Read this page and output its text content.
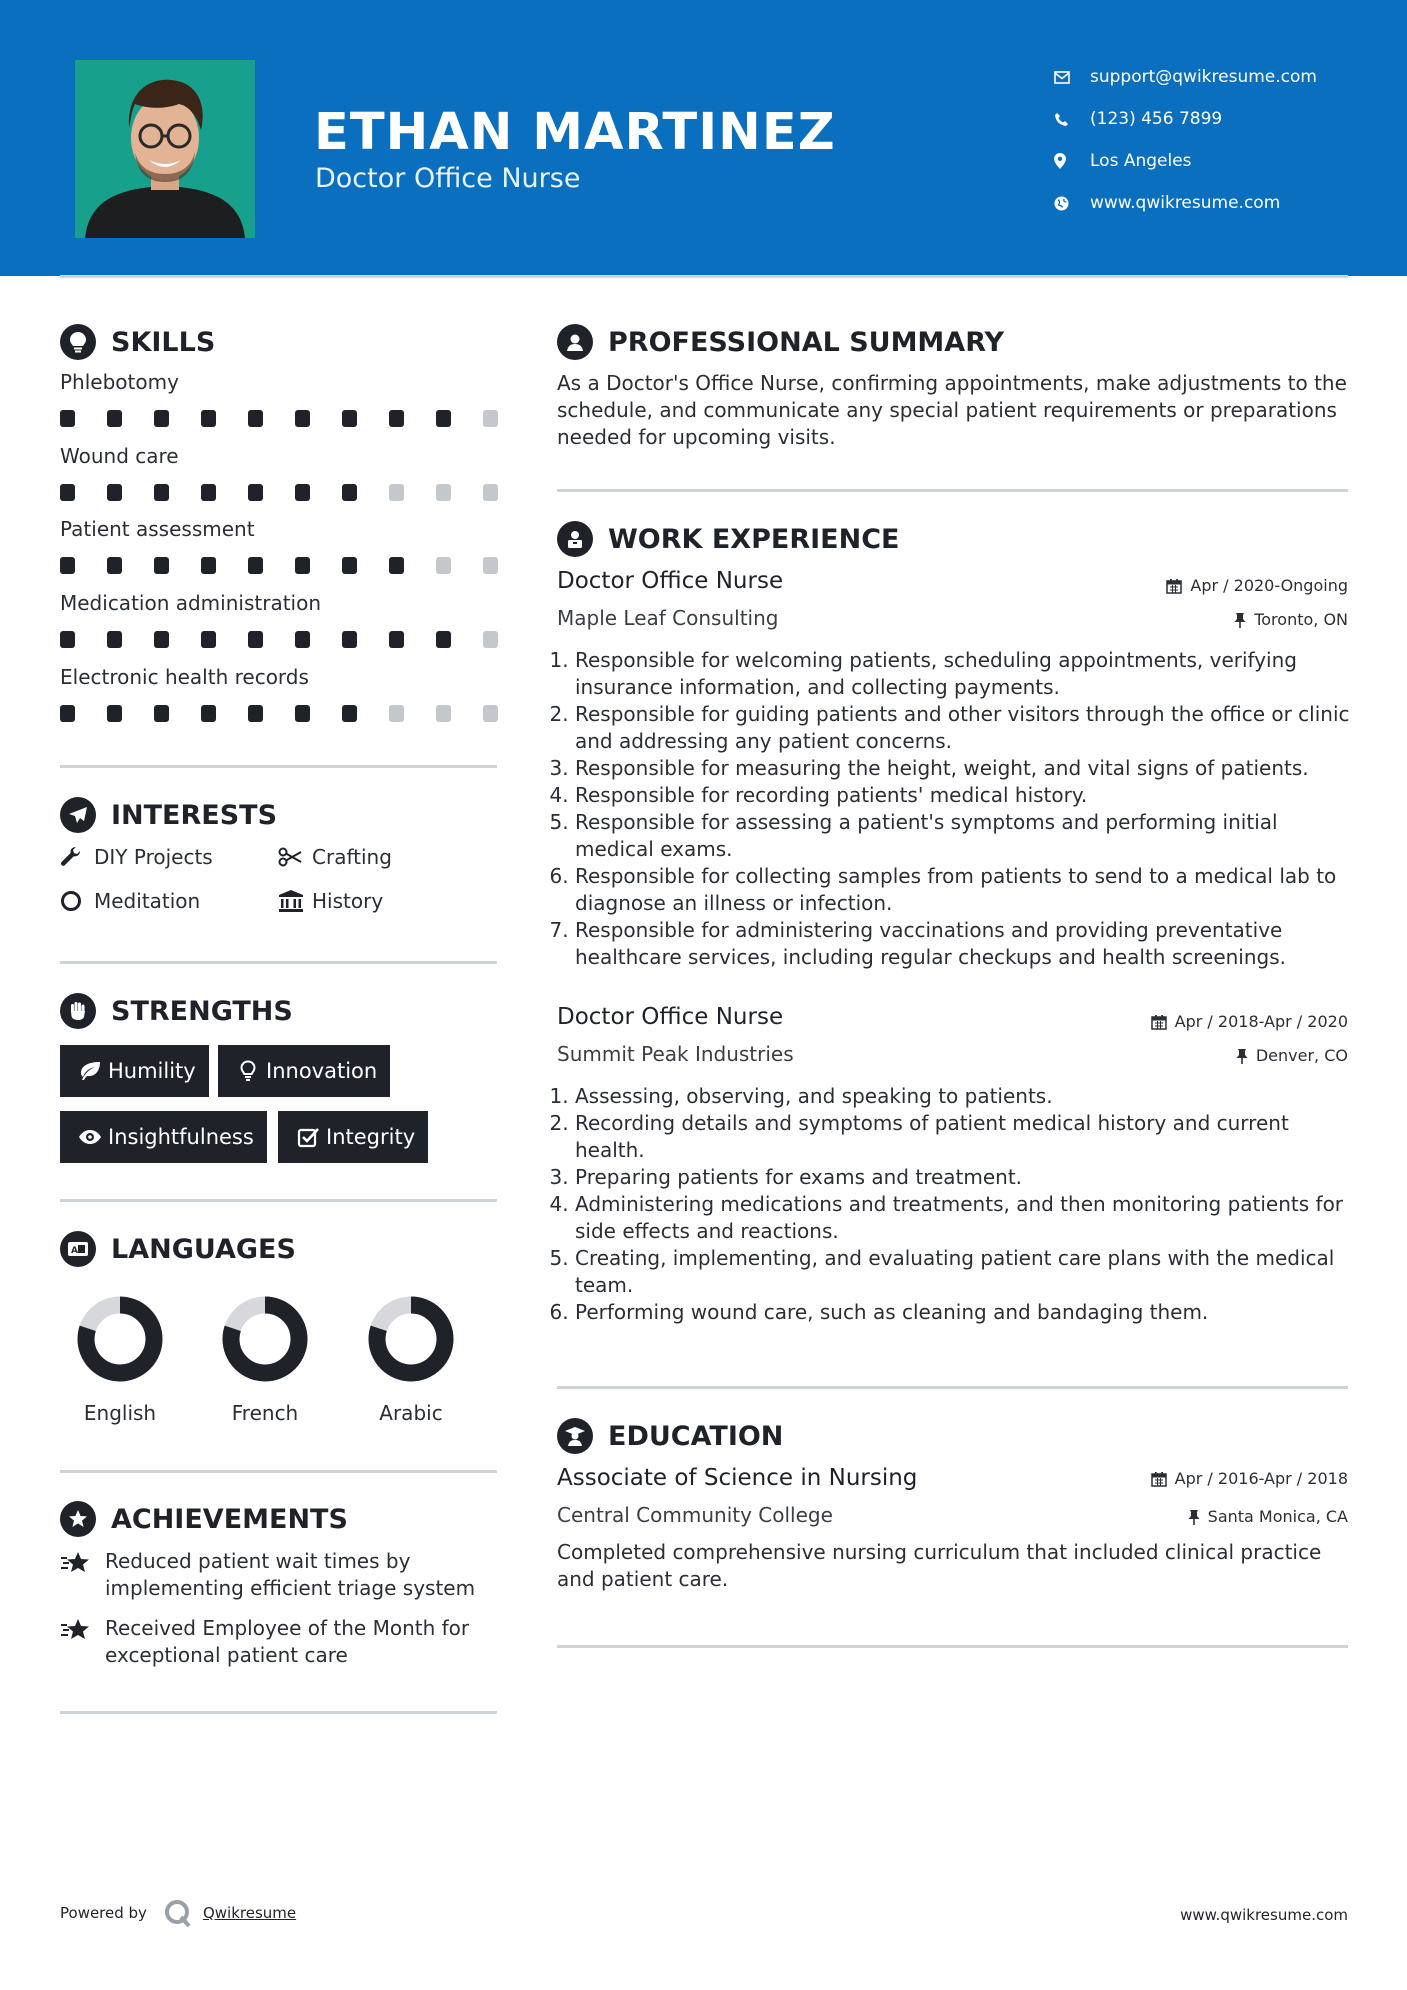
ETHAN MARTINEZ
Doctor Office Nurse
support@qwikresume.com
(123) 456 7899
Los Angeles
www.qwikresume.com
SKILLS
Phlebotomy
Wound care
Patient assessment
Medication administration
Electronic health records
INTERESTS
DIY Projects	Crafting
Meditation	History
STRENGTHS
Humility	Innovation
Insightfulness	Integrity
A LANGUAGES
English	French	Arabic
ACHIEVEMENTS
Reduced patient wait times by implementing efficient triage system
Received Employee of the Month for exceptional patient care
PROFESSIONAL SUMMARY
As a Doctor's Office Nurse, confirming appointments, make adjustments to the schedule, and communicate any special patient requirements or preparations needed for upcoming visits.
WORK EXPERIENCE
Doctor Office Nurse	Apr / 2020-Ongoing
Maple Leaf Consulting	Toronto, ON
1. Responsible for welcoming patients, scheduling appointments, verifying insurance information, and collecting payments.
2. Responsible for guiding patients and other visitors through the office or clinic and addressing any patient concerns.
3. Responsible for measuring the height, weight, and vital signs of patients.
4. Responsible for recording patients' medical history.
5. Responsible for assessing a patient's symptoms and performing initial medical exams.
6. Responsible for collecting samples from patients to send to a medical lab to diagnose an illness or infection.
7. Responsible for administering vaccinations and providing preventative healthcare services, including regular checkups and health screenings.
Doctor Office Nurse	Apr / 2018-Apr / 2020
Summit Peak Industries	Denver, CO
1. Assessing, observing, and speaking to patients.
2. Recording details and symptoms of patient medical history and current health.
3. Preparing patients for exams and treatment.
4. Administering medications and treatments, and then monitoring patients for side effects and reactions.
5. Creating, implementing, and evaluating patient care plans with the medical team.
6. Performing wound care, such as cleaning and bandaging them.
EDUCATION
Associate of Science in Nursing	Apr / 2016-Apr / 2018
Central Community College	Santa Monica, CA
Completed comprehensive nursing curriculum that included clinical practice and patient care.
Powered by	Qwikresume	www.qwikresume.com
